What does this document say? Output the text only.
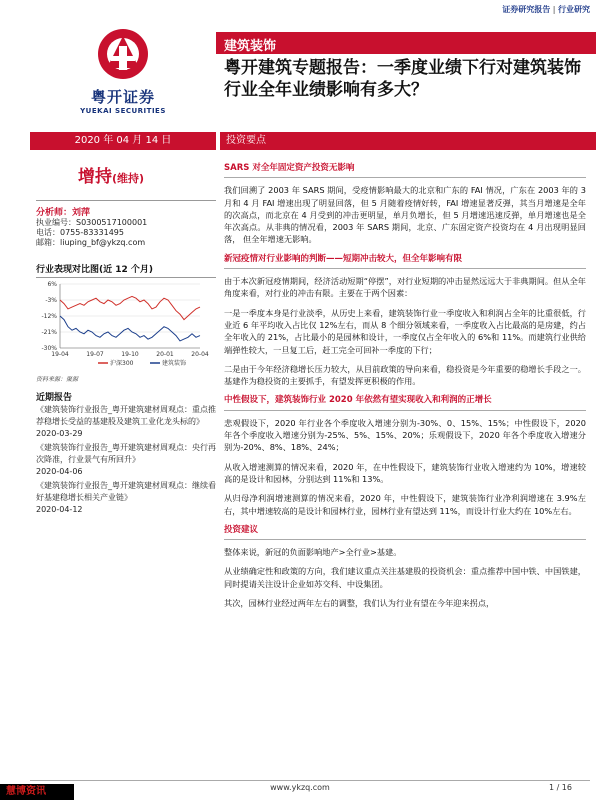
证券研究报告 | 行业研究
粤开证券
YUEKAI SECURITIES
建筑装饰
粤开建筑专题报告：一季度业绩下行对建筑装饰行业全年业绩影响有多大？
2020 年 04 月 14 日	投资要点
增持(维持)
分析师：刘萍
执业编号：S0300517100001
电话：0755-83331495
邮箱：liuping_bf@ykzq.com
行业表现对比图(近 12 个月)
6%
-3%
-12%
-21%
-30%
19-04	19-07	19-10	20-01	20-04
沪深300	建筑装饰
资料来源：聚源
近期报告
《建筑装饰行业报告_粤开建筑建材周观点：重点推荐稳增长受益的基建股及建筑工业化龙头标的》
2020-03-29
《建筑装饰行业报告_粤开建筑建材周观点：央行再次降准，行业景气有所回升》
2020-04-06
《建筑装饰行业报告_粤开建筑建材周观点：继续看好基建稳增长相关产业链》
2020-04-12
SARS 对全年固定资产投资无影响
我们回溯了 2003 年 SARS 期间，受疫情影响最大的北京和广东的 FAI 情况，广东在 2003 年的 3 月和 4 月 FAI 增速出现了明显回落，但 5 月随着疫情好转，FAI 增速显著反弹，其当月增速是全年的次高点，而北京在 4 月受到的冲击更明显，单月负增长，但 5 月增速迅速反弹，单月增速也是全年次高点。从非典的情况看，2003 年 SARS 期间，北京、广东固定资产投资均在 4 月出现明显回落， 但全年增速无影响。
新冠疫情对行业影响的判断——短期冲击较大，但全年影响有限
由于本次新冠疫情期间，经济活动短期“停摆”，对行业短期的冲击显然远远大于非典期间。但从全年角度来看，对行业的冲击有限。主要在于两个因素：
一是一季度本身是行业淡季，从历史上来看，建筑装饰行业一季度收入和利润占全年的比重很低，行业近 6 年平均收入占比仅 12%左右，而从 8 个细分领域来看，一季度收入占比最高的是房建，约占全年收入的 21%，占比最小的是园林和设计，一季度仅占全年收入的 6%和 11%。而建筑行业供给端弹性较大，一旦复工后，赶工完全可回补一季度的下行；
二是由于今年经济稳增长压力较大，从目前政策的导向来看，稳投资是今年重要的稳增长手段之一。基建作为稳投资的主要抓手，有望发挥更积极的作用。
中性假设下，建筑装饰行业 2020 年依然有望实现收入和利润的正增长
悲观假设下，2020 年行业各个季度收入增速分别为-30%、0、15%、15%；中性假设下，2020 年各个季度收入增速分别为-25%、5%、15%、20%；乐观假设下，2020 年各个季度收入增速分别为-20%、8%、18%、24%；
从收入增速测算的情况来看，2020 年，在中性假设下，建筑装饰行业收入增速约为 10%，增速较高的是设计和园林，分别达到 11%和 13%。
从归母净利润增速测算的情况来看，2020 年，中性假设下，建筑装饰行业净利润增速在 3.9%左右，其中增速较高的是设计和园林行业，园林行业有望达到 11%，而设计行业大约在 10%左右。
投资建议
整体来说，新冠的负面影响地产>全行业>基建。
从业绩确定性和政策的方向，我们建议重点关注基建股的投资机会：重点推荐中国中铁、中国铁建，同时提请关注设计企业如苏交科、中设集团。
其次，园林行业经过两年左右的调整，我们认为行业有望在今年迎来拐点，
www.ykzq.com	1 / 16
慧博资讯
